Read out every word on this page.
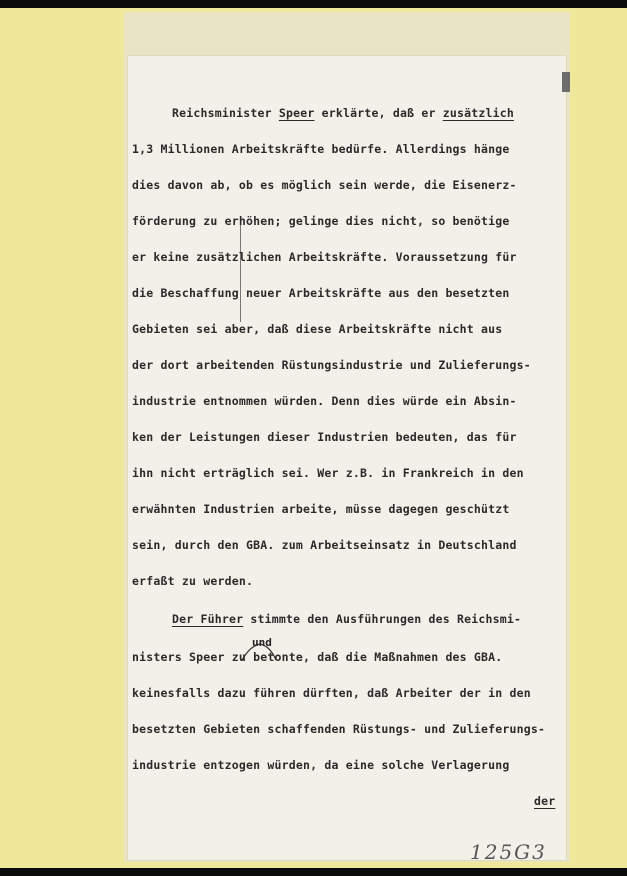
Reichsminister Speer erklärte, daß er zusätzlich
1,3 Millionen Arbeitskräfte bedürfe. Allerdings hänge
dies davon ab, ob es möglich sein werde, die Eisenerz-
förderung zu erhöhen; gelinge dies nicht, so benötige
er keine zusätzlichen Arbeitskräfte. Voraussetzung für
die Beschaffung neuer Arbeitskräfte aus den besetzten
Gebieten sei aber, daß diese Arbeitskräfte nicht aus
der dort arbeitenden Rüstungsindustrie und Zulieferungs-
industrie entnommen würden. Denn dies würde ein Absin-
ken der Leistungen dieser Industrien bedeuten, das für
ihn nicht erträglich sei. Wer z.B. in Frankreich in den
erwähnten Industrien arbeite, müsse dagegen geschützt
sein, durch den GBA. zum Arbeitseinsatz in Deutschland
erfaßt zu werden.
Der Führer stimmte den Ausführungen des Reichsmi-
und
nisters Speer zu betonte, daß die Maßnahmen des GBA.
keinesfalls dazu führen dürften, daß Arbeiter der in den
besetzten Gebieten schaffenden Rüstungs- und Zulieferungs-
industrie entzogen würden, da eine solche Verlagerung
der
125G3
